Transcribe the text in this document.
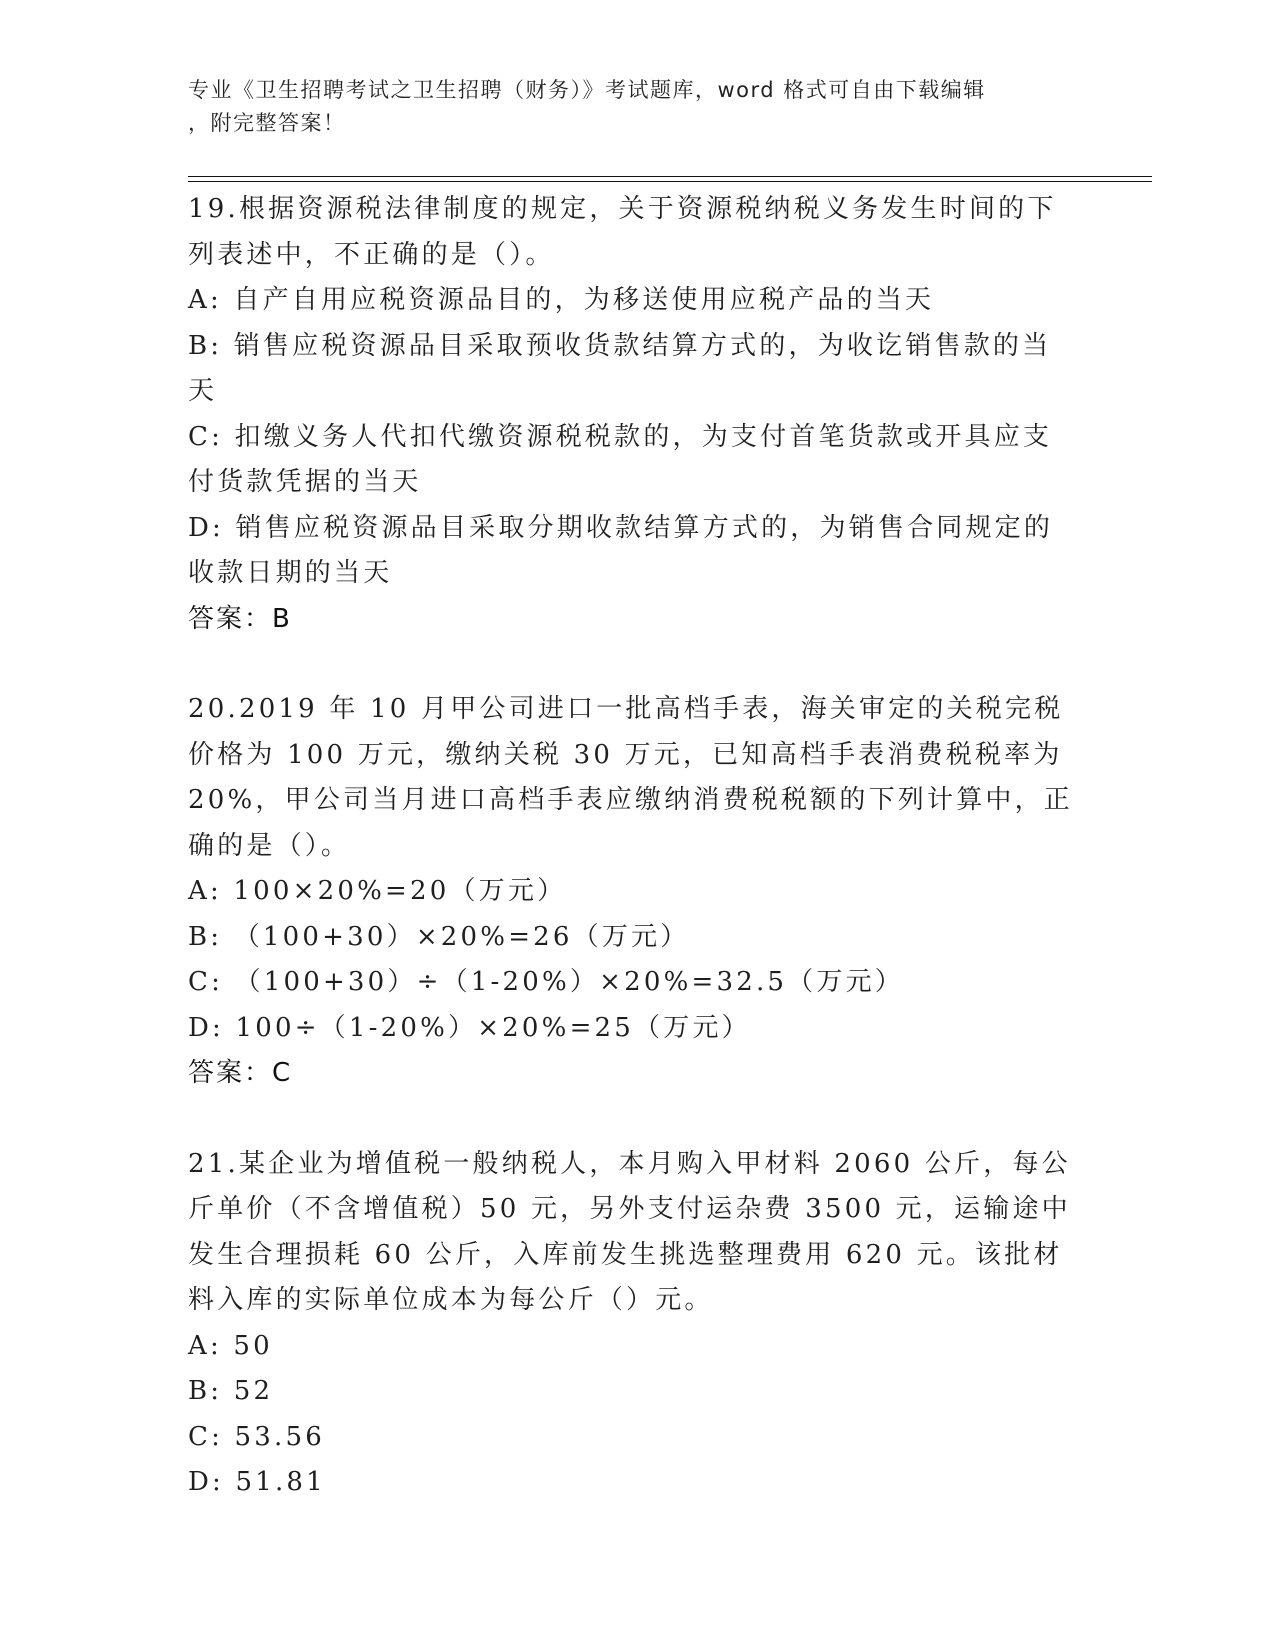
专业《卫生招聘考试之卫生招聘（财务）》考试题库，word 格式可自由下载编辑
，附完整答案！
19.根据资源税法律制度的规定，关于资源税纳税义务发生时间的下列表述中，不正确的是（）。
A: 自产自用应税资源品目的，为移送使用应税产品的当天
B: 销售应税资源品目采取预收货款结算方式的，为收讫销售款的当天
C: 扣缴义务人代扣代缴资源税税款的，为支付首笔货款或开具应支付货款凭据的当天
D: 销售应税资源品目采取分期收款结算方式的，为销售合同规定的收款日期的当天
答案：B
20.2019 年 10 月甲公司进口一批高档手表，海关审定的关税完税价格为 100 万元，缴纳关税 30 万元，已知高档手表消费税税率为 20%，甲公司当月进口高档手表应缴纳消费税税额的下列计算中，正确的是（）。
A: 100×20%=20（万元）
B: （100+30）×20%=26（万元）
C: （100+30）÷（1-20%）×20%=32.5（万元）
D: 100÷（1-20%）×20%=25（万元）
答案：C
21.某企业为增值税一般纳税人，本月购入甲材料 2060 公斤，每公斤单价（不含增值税）50 元，另外支付运杂费 3500 元，运输途中发生合理损耗 60 公斤，入库前发生挑选整理费用 620 元。该批材料入库的实际单位成本为每公斤（）元。
A: 50
B: 52
C: 53.56
D: 51.81
